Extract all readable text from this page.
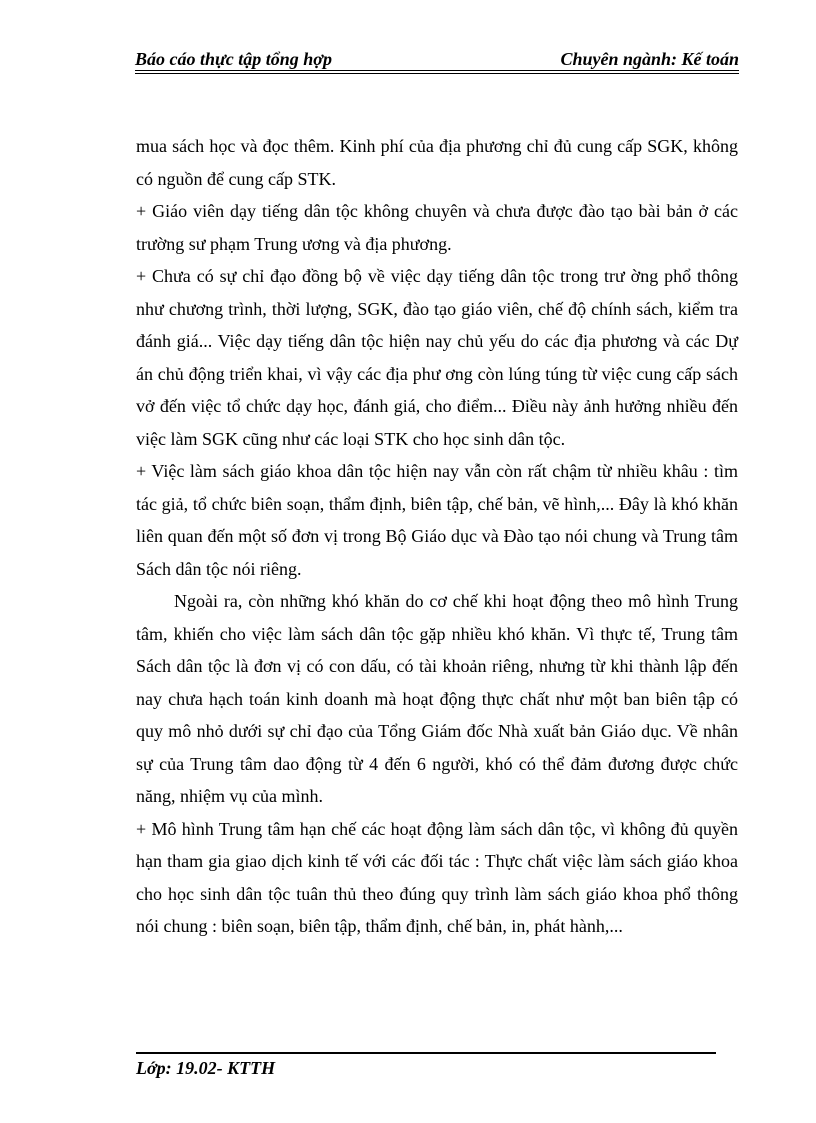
Báo cáo thực tập tổng hợp	Chuyên ngành: Kế toán

mua sách học và đọc thêm. Kinh phí của địa phương chỉ đủ cung cấp SGK, không có nguồn để cung cấp STK.

+ Giáo viên dạy tiếng dân tộc không chuyên và chưa được đào tạo bài bản ở các trường sư phạm Trung ương và địa phương.

+ Chưa có sự chỉ đạo đồng bộ về việc dạy tiếng dân tộc trong trư ờng phổ thông như chương trình, thời lượng, SGK, đào tạo giáo viên, chế độ chính sách, kiểm tra đánh giá... Việc dạy tiếng dân tộc hiện nay chủ yếu do các địa phương và các Dự án chủ động triển khai, vì vậy các địa phư ơng còn lúng túng từ việc cung cấp sách vở đến việc tổ chức dạy học, đánh giá, cho điểm... Điều này ảnh hưởng nhiều đến việc làm SGK cũng như các loại STK cho học sinh dân tộc.

+ Việc làm sách giáo khoa dân tộc hiện nay vẫn còn rất chậm từ nhiều khâu : tìm tác giả, tổ chức biên soạn, thẩm định, biên tập, chế bản, vẽ hình,... Đây là khó khăn liên quan đến một số đơn vị trong Bộ Giáo dục và Đào tạo nói chung và Trung tâm Sách dân tộc nói riêng.

Ngoài ra, còn những khó khăn do cơ chế khi hoạt động theo mô hình Trung tâm, khiến cho việc làm sách dân tộc gặp nhiều khó khăn. Vì thực tế, Trung tâm Sách dân tộc là đơn vị có con dấu, có tài khoản riêng, nhưng từ khi thành lập đến nay chưa hạch toán kinh doanh mà hoạt động thực chất như một ban biên tập có quy mô nhỏ dưới sự chỉ đạo của Tổng Giám đốc Nhà xuất bản Giáo dục. Về nhân sự của Trung tâm dao động từ 4 đến 6 người, khó có thể đảm đương được chức năng, nhiệm vụ của mình.

+ Mô hình Trung tâm hạn chế các hoạt động làm sách dân tộc, vì không đủ quyền hạn tham gia giao dịch kinh tế với các đối tác : Thực chất việc làm sách giáo khoa cho học sinh dân tộc tuân thủ theo đúng quy trình làm sách giáo khoa phổ thông nói chung : biên soạn, biên tập, thẩm định, chế bản, in, phát hành,...

Lớp: 19.02- KTTH
